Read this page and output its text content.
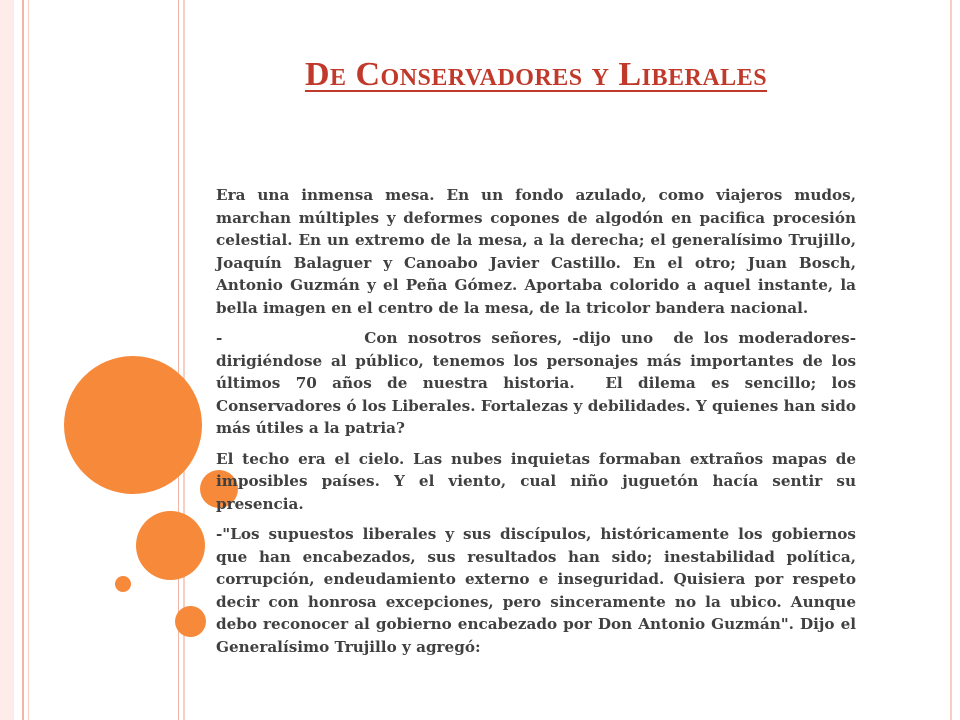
De Conservadores y Liberales

Era una inmensa mesa. En un fondo azulado, como viajeros mudos, marchan múltiples y deformes copones de algodón en pacifica procesión celestial. En un extremo de la mesa, a la derecha; el generalísimo Trujillo, Joaquín Balaguer y Canoabo Javier Castillo. En el otro; Juan Bosch, Antonio Guzmán y el Peña Gómez. Aportaba colorido a aquel instante, la bella imagen en el centro de la mesa, de la tricolor bandera nacional.

-              Con nosotros señores, -dijo uno  de los moderadores- dirigiéndose al público, tenemos los personajes más importantes de los últimos 70 años de nuestra historia.  El dilema es sencillo; los Conservadores ó los Liberales. Fortalezas y debilidades. Y quienes han sido más útiles a la patria?

El techo era el cielo. Las nubes inquietas formaban extraños mapas de imposibles países. Y el viento, cual niño juguetón hacía sentir su presencia.

-"Los supuestos liberales y sus discípulos, históricamente los gobiernos que han encabezados, sus resultados han sido; inestabilidad política, corrupción, endeudamiento externo e inseguridad. Quisiera por respeto decir con honrosa excepciones, pero sinceramente no la ubico. Aunque debo reconocer al gobierno encabezado por Don Antonio Guzmán". Dijo el Generalísimo Trujillo y agregó:
